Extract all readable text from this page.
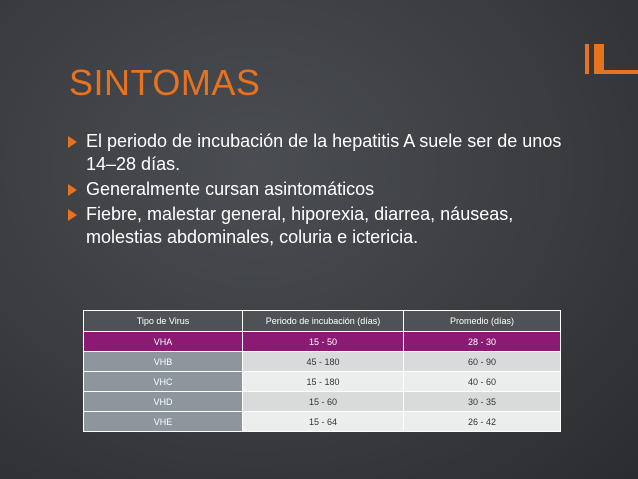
SINTOMAS
El periodo de incubación de la hepatitis A suele ser de unos 14–28 días.
Generalmente cursan asintomáticos
Fiebre, malestar general, hiporexia, diarrea, náuseas, molestias abdominales, coluria e ictericia.
Tipo de Virus	Periodo de incubación (días)	Promedio (días)
VHA	15 - 50	28 - 30
VHB	45 - 180	60 - 90
VHC	15 - 180	40 - 60
VHD	15 - 60	30 - 35
VHE	15 - 64	26 - 42
